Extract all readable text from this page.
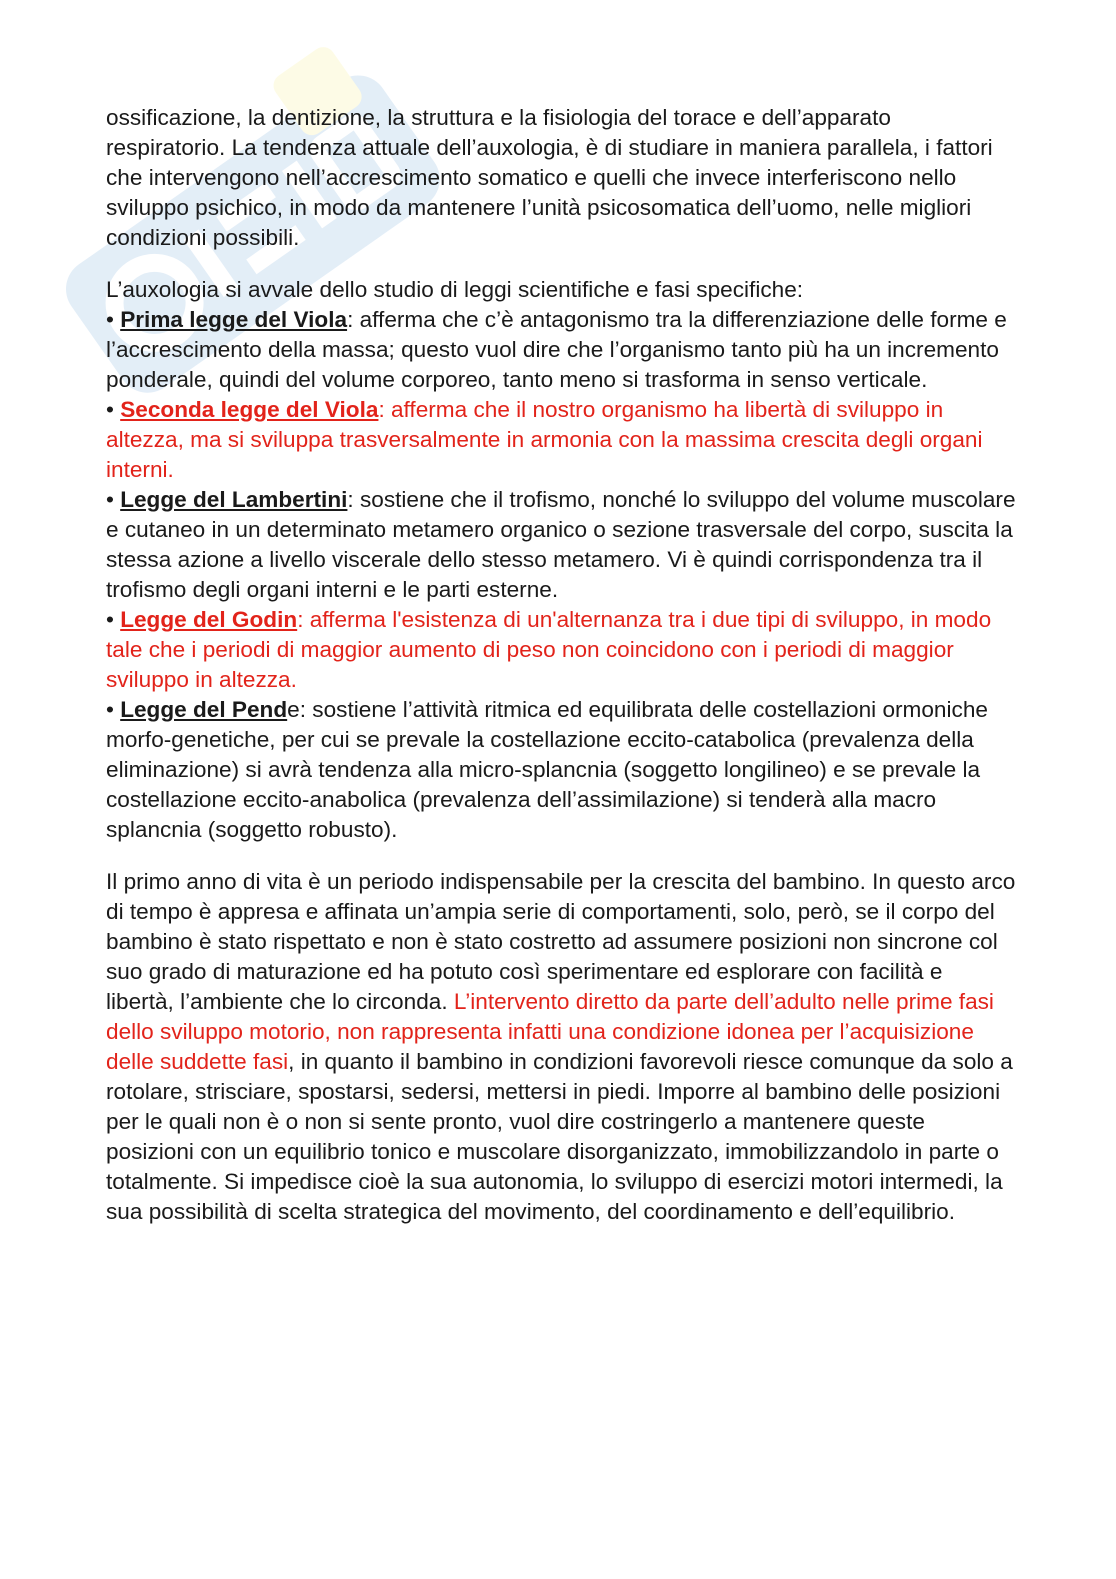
ossificazione, la dentizione, la struttura e la fisiologia del torace e dell’apparato respiratorio. La tendenza attuale dell’auxologia, è di studiare in maniera parallela, i fattori che intervengono nell’accrescimento somatico e quelli che invece interferiscono nello sviluppo psichico, in modo da mantenere l’unità psicosomatica dell’uomo, nelle migliori condizioni possibili.

L’auxologia si avvale dello studio di leggi scientifiche e fasi specifiche:

• Prima legge del Viola: afferma che c’è antagonismo tra la differenziazione delle forme e l’accrescimento della massa; questo vuol dire che l’organismo tanto più ha un incremento ponderale, quindi del volume corporeo, tanto meno si trasforma in senso verticale.

• Seconda legge del Viola: afferma che il nostro organismo ha libertà di sviluppo in altezza, ma si sviluppa trasversalmente in armonia con la massima crescita degli organi interni.

• Legge del Lambertini: sostiene che il trofismo, nonché lo sviluppo del volume muscolare e cutaneo in un determinato metamero organico o sezione trasversale del corpo, suscita la stessa azione a livello viscerale dello stesso metamero. Vi è quindi corrispondenza tra il trofismo degli organi interni e le parti esterne.

• Legge del Godin: afferma l'esistenza di un'alternanza tra i due tipi di sviluppo, in modo tale che i periodi di maggior aumento di peso non coincidono con i periodi di maggior sviluppo in altezza.

• Legge del Pende: sostiene l’attività ritmica ed equilibrata delle costellazioni ormoniche morfo-genetiche, per cui se prevale la costellazione eccito-catabolica (prevalenza della eliminazione) si avrà tendenza alla micro-splancnia (soggetto longilineo) e se prevale la costellazione eccito-anabolica (prevalenza dell’assimilazione) si tenderà alla macro splancnia (soggetto robusto).

Il primo anno di vita è un periodo indispensabile per la crescita del bambino. In questo arco di tempo è appresa e affinata un’ampia serie di comportamenti, solo, però, se il corpo del bambino è stato rispettato e non è stato costretto ad assumere posizioni non sincrone col suo grado di maturazione ed ha potuto così sperimentare ed esplorare con facilità e libertà, l’ambiente che lo circonda. L’intervento diretto da parte dell’adulto nelle prime fasi dello sviluppo motorio, non rappresenta infatti una condizione idonea per l’acquisizione delle suddette fasi, in quanto il bambino in condizioni favorevoli riesce comunque da solo a rotolare, strisciare, spostarsi, sedersi, mettersi in piedi. Imporre al bambino delle posizioni per le quali non è o non si sente pronto, vuol dire costringerlo a mantenere queste posizioni con un equilibrio tonico e muscolare disorganizzato, immobilizzandolo in parte o totalmente. Si impedisce cioè la sua autonomia, lo sviluppo di esercizi motori intermedi, la sua possibilità di scelta strategica del movimento, del coordinamento e dell’equilibrio.
